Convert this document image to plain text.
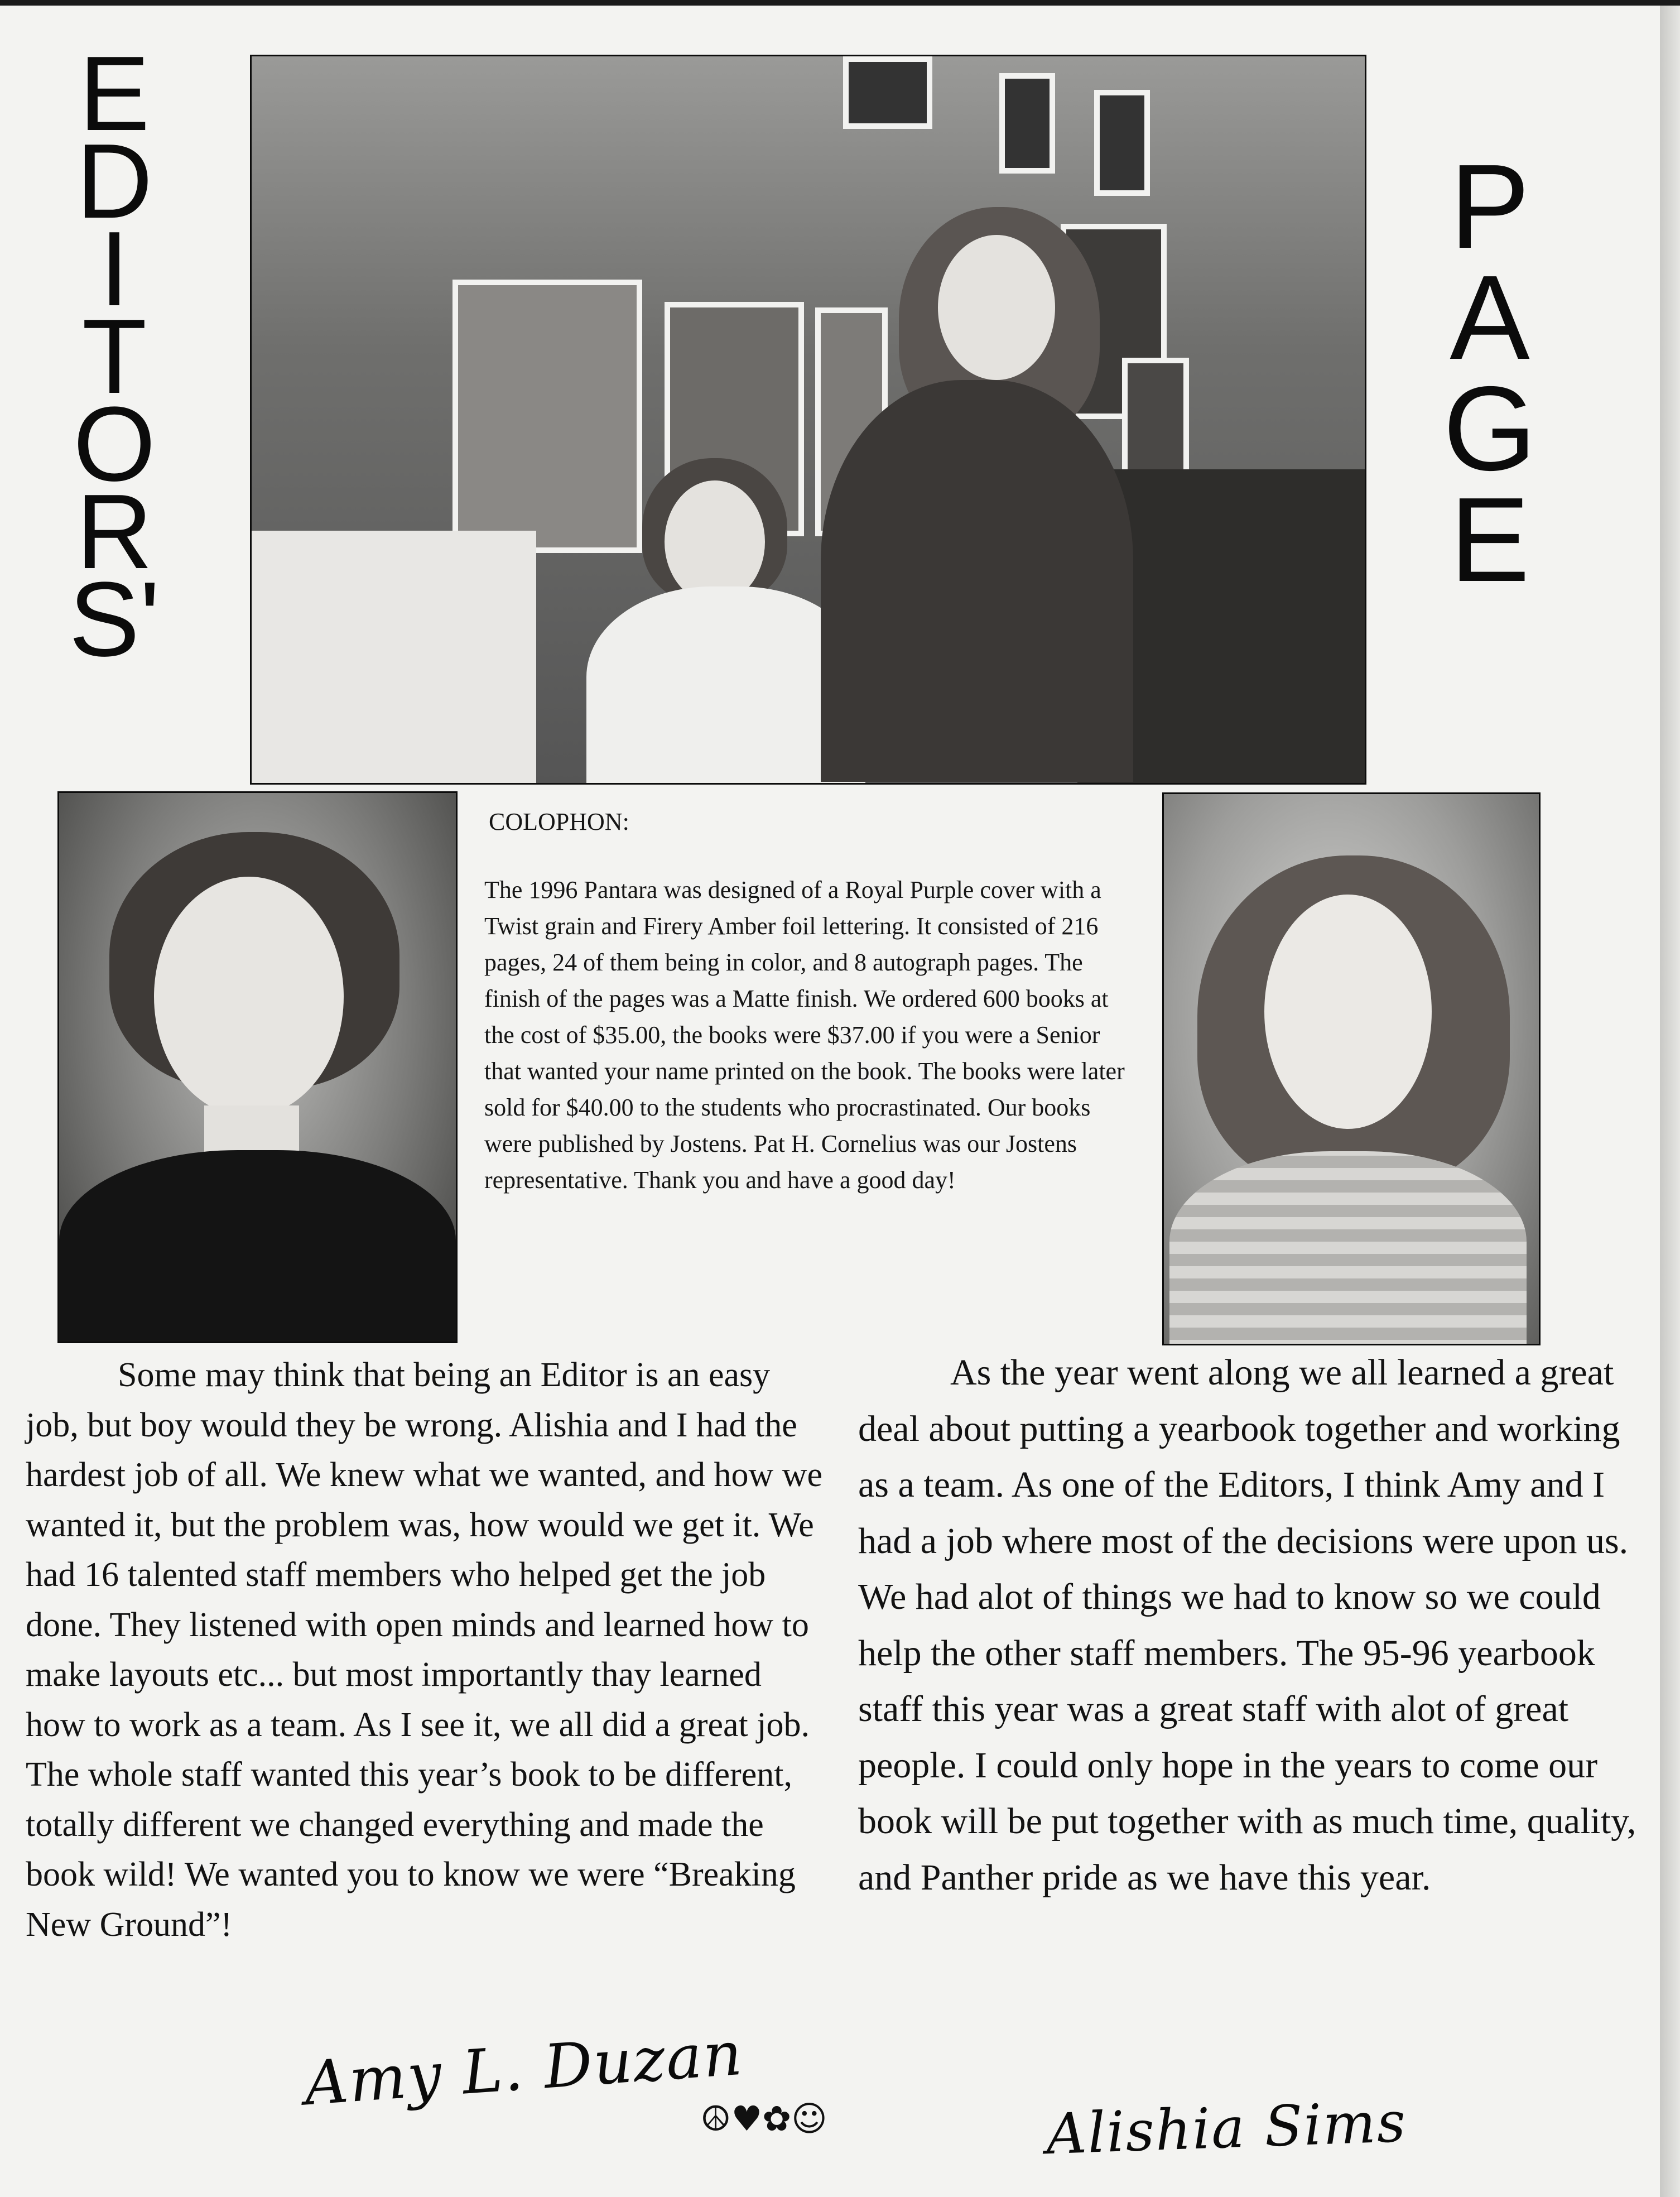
E
D
I
T
O
R
S'
P
A
G
E

COLOPHON:

The 1996 Pantara was designed of a Royal Purple cover with a Twist grain and Firery Amber foil lettering. It consisted of 216 pages, 24 of them being in color, and 8 autograph pages. The finish of the pages was a Matte finish. We ordered 600 books at the cost of $35.00, the books were $37.00 if you were a Senior that wanted your name printed on the book. The books were later sold for $40.00 to the students who procrastinated. Our books were published by Jostens. Pat H. Cornelius was our Jostens representative. Thank you and have a good day!

Some may think that being an Editor is an easy job, but boy would they be wrong. Alishia and I had the hardest job of all. We knew what we wanted, and how we wanted it, but the problem was, how would we get it. We had 16 talented staff members who helped get the job done. They listened with open minds and learned how to make layouts etc... but most importantly thay learned how to work as a team. As I see it, we all did a great job. The whole staff wanted this year’s book to be different, totally different we changed everything and made the book wild! We wanted you to know we were “Breaking New Ground”!

As the year went along we all learned a great deal about putting a yearbook together and working as a team. As one of the Editors, I think Amy and I had a job where most of the decisions were upon us. We had alot of things we had to know so we could help the other staff members. The 95-96 yearbook staff this year was a great staff with alot of great people. I could only hope in the years to come our book will be put together with as much time, quality, and Panther pride as we have this year.

Amy L. Duzan
☮♥✿☺	Alishia Sims
